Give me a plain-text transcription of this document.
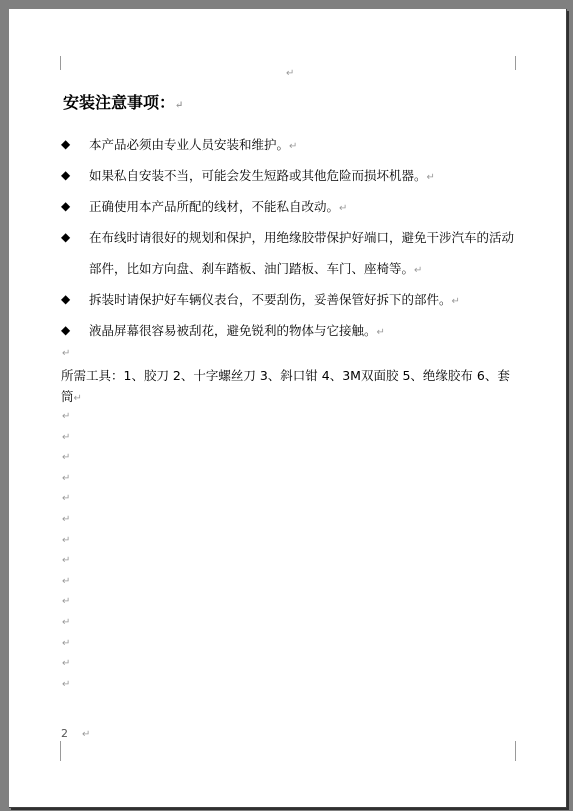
↵
安装注意事项：↵
◆ 本产品必须由专业人员安装和维护。↵
◆ 如果私自安装不当，可能会发生短路或其他危险而损坏机器。↵
◆ 正确使用本产品所配的线材，不能私自改动。↵
◆ 在布线时请很好的规划和保护，用绝缘胶带保护好端口，避免干涉汽车的活动部件，比如方向盘、刹车踏板、油门踏板、车门、座椅等。↵
◆ 拆装时请保护好车辆仪表台，不要刮伤，妥善保管好拆下的部件。↵
◆ 液晶屏幕很容易被刮花，避免锐利的物体与它接触。↵
↵
所需工具：1、胶刀 2、十字螺丝刀 3、斜口钳 4、3M双面胶 5、绝缘胶布 6、套筒↵
↵
↵
↵
↵
↵
↵
↵
↵
↵
↵
↵
↵
↵
↵
2 ↵
